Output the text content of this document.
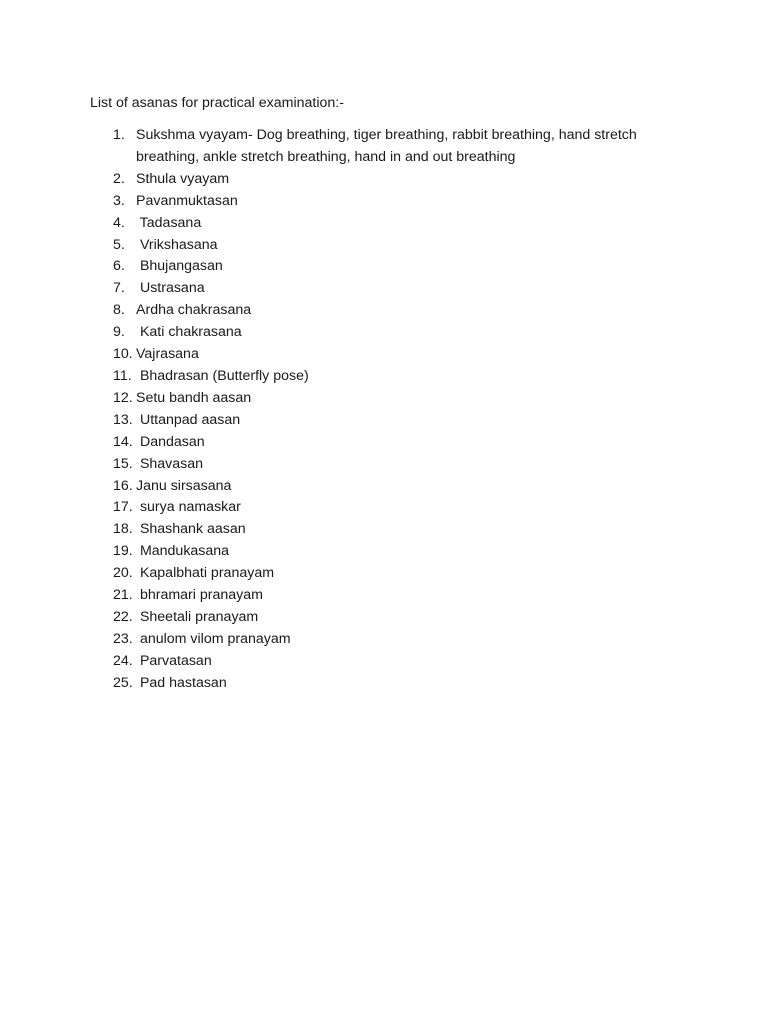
List of asanas for practical examination:-
1. Sukshma vyayam- Dog breathing, tiger breathing, rabbit breathing, hand stretch breathing, ankle stretch breathing, hand in and out breathing
2. Sthula vyayam
3. Pavanmuktasan
4. Tadasana
5. Vrikshasana
6. Bhujangasan
7. Ustrasana
8. Ardha chakrasana
9. Kati chakrasana
10. Vajrasana
11. Bhadrasan (Butterfly pose)
12. Setu bandh aasan
13. Uttanpad aasan
14. Dandasan
15. Shavasan
16. Janu sirsasana
17. surya namaskar
18. Shashank aasan
19. Mandukasana
20. Kapalbhati pranayam
21. bhramari pranayam
22. Sheetali pranayam
23. anulom vilom pranayam
24. Parvatasan
25. Pad hastasan
